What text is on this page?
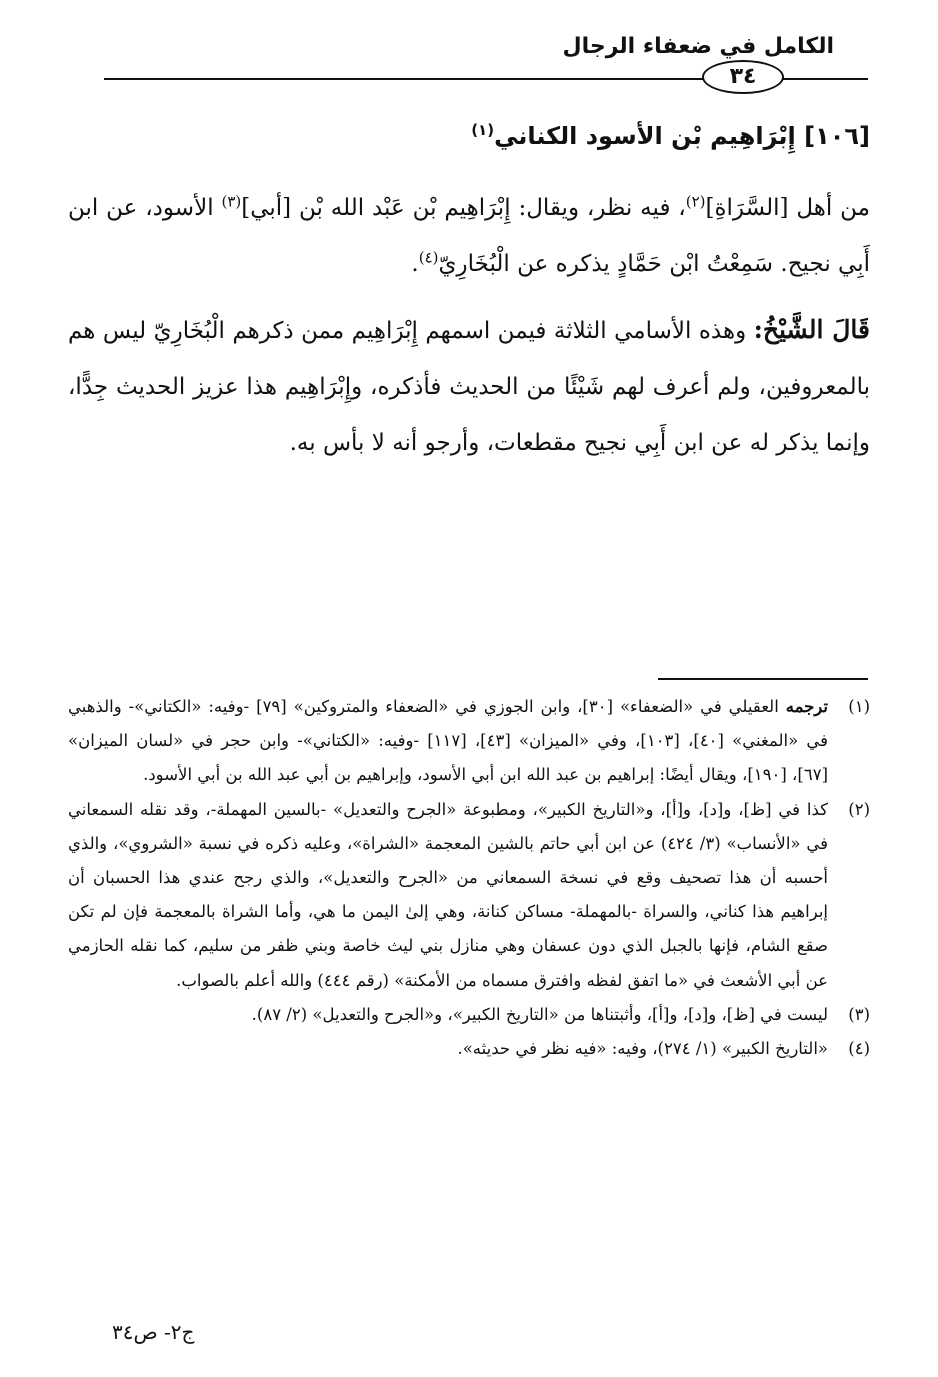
الكامل في ضعفاء الرجال
٣٤
[١٠٦] إِبْرَاهِيم بْن الأسود الكناني$^{(١)}$

من أهل [السَّرَاةِ]$^{(٢)}$، فيه نظر، ويقال: إِبْرَاهِيم بْن عَبْد الله بْن [أبي]$^{(٣)}$ الأسود، عن ابن أَبِي نجيح. سَمِعْتُ ابْن حَمَّادٍ يذكره عن الْبُخَارِيّ$^{(٤)}$.

قَالَ الشَّيْخُ: وهذه الأسامي الثلاثة فيمن اسمهم إِبْرَاهِيم ممن ذكرهم الْبُخَارِيّ ليس هم بالمعروفين، ولم أعرف لهم شَيْئًا من الحديث فأذكره، وإِبْرَاهِيم هذا عزيز الحديث جِدًّا، وإنما يذكر له عن ابن أَبِي نجيح مقطعات، وأرجو أنه لا بأس به.

(١)
ترجمه العقيلي في «الضعفاء» [٣٠]، وابن الجوزي في «الضعفاء والمتروكين» [٧٩] -وفيه: «الكتاني»- والذهبي في «المغني» [٤٠]، [١٠٣]، وفي «الميزان» [٤٣]، [١١٧] -وفيه: «الكتاني»- وابن حجر في «لسان الميزان» [٦٧]، [١٩٠]، ويقال أيضًا: إبراهيم بن عبد الله ابن أبي الأسود، وإبراهيم بن أبي عبد الله بن أبي الأسود.
(٢)
كذا في [ظ]، و[د]، و[أ]، و«التاريخ الكبير»، ومطبوعة «الجرح والتعديل» -بالسين المهملة-، وقد نقله السمعاني في «الأنساب» (٣/ ٤٢٤) عن ابن أبي حاتم بالشين المعجمة «الشراة»، وعليه ذكره في نسبة «الشروي»، والذي أحسبه أن هذا تصحيف وقع في نسخة السمعاني من «الجرح والتعديل»، والذي رجح عندي هذا الحسبان أن إبراهيم هذا كناني، والسراة -بالمهملة- مساكن كنانة، وهي إلىٰ اليمن ما هي، وأما الشراة بالمعجمة فإن لم تكن صقع الشام، فإنها بالجبل الذي دون عسفان وهي منازل بني ليث خاصة وبني ظفر من سليم، كما نقله الحازمي عن أبي الأشعث في «ما اتفق لفظه وافترق مسماه من الأمكنة» (رقم ٤٤٤) والله أعلم بالصواب.
(٣)
ليست في [ظ]، و[د]، و[أ]، وأثبتناها من «التاريخ الكبير»، و«الجرح والتعديل» (٢/ ٨٧).
(٤)
«التاريخ الكبير» (١/ ٢٧٤)، وفيه: «فيه نظر في حديثه».
ج٢- ص٣٤
